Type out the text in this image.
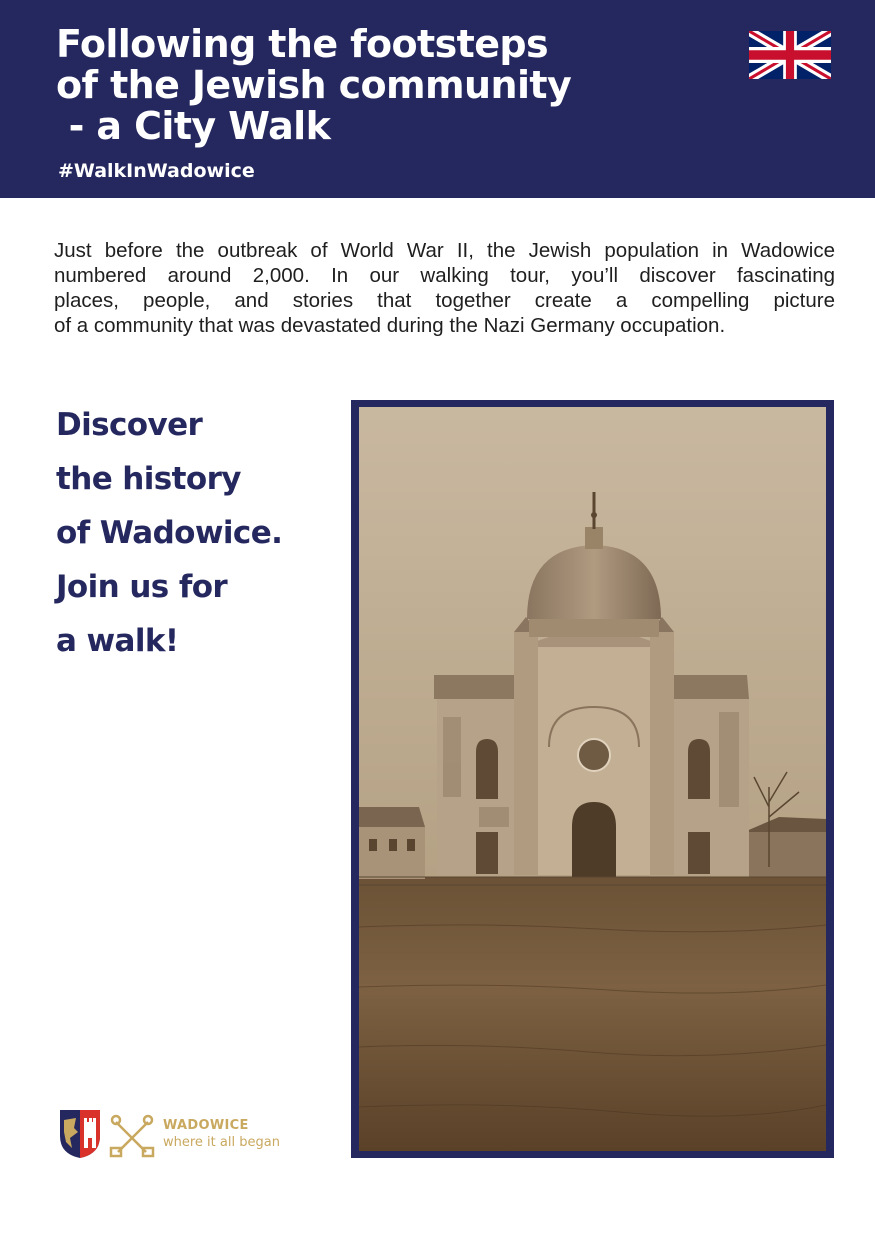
Following the footsteps
of the Jewish community
- a City Walk
#WalkInWadowice
Just before the outbreak of World War II, the Jewish population in Wadowice
numbered around 2,000. In our walking tour, you’ll discover fascinating
places, people, and stories that together create a compelling picture
of a community that was devastated during the Nazi Germany occupation.
Discover
the history
of Wadowice.
Join us for
a walk!
WADOWICE
where it all began
